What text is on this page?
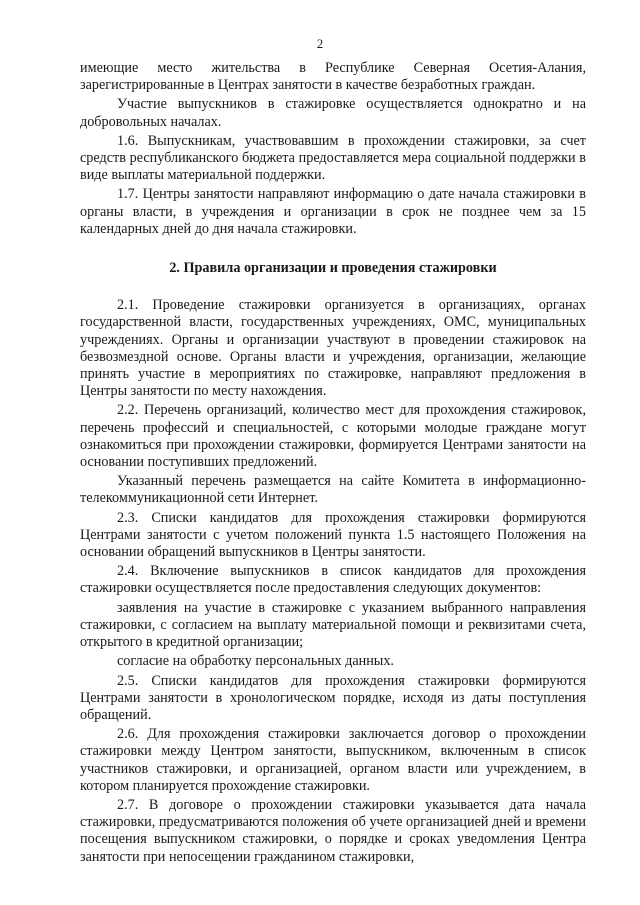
2

имеющие место жительства в Республике Северная Осетия-Алания, зарегистрированные в Центрах занятости в качестве безработных граждан.

Участие выпускников в стажировке осуществляется однократно и на добровольных началах.

1.6. Выпускникам, участвовавшим в прохождении стажировки, за счет средств республиканского бюджета предоставляется мера социальной поддержки в виде выплаты материальной поддержки.

1.7. Центры занятости направляют информацию о дате начала стажировки в органы власти, в учреждения и организации в срок не позднее чем за 15 календарных дней до дня начала стажировки.

2. Правила организации и проведения стажировки

2.1. Проведение стажировки организуется в организациях, органах государственной власти, государственных учреждениях, ОМС, муниципальных учреждениях. Органы и организации участвуют в проведении стажировок на безвозмездной основе. Органы власти и учреждения, организации, желающие принять участие в мероприятиях по стажировке, направляют предложения в Центры занятости по месту нахождения.

2.2. Перечень организаций, количество мест для прохождения стажировок, перечень профессий и специальностей, с которыми молодые граждане могут ознакомиться при прохождении стажировки, формируется Центрами занятости на основании поступивших предложений.

Указанный перечень размещается на сайте Комитета в информационно-телекоммуникационной сети Интернет.

2.3. Списки кандидатов для прохождения стажировки формируются Центрами занятости с учетом положений пункта 1.5 настоящего Положения на основании обращений выпускников в Центры занятости.

2.4. Включение выпускников в список кандидатов для прохождения стажировки осуществляется после предоставления следующих документов:

заявления на участие в стажировке с указанием выбранного направления стажировки, с согласием на выплату материальной помощи и реквизитами счета, открытого в кредитной организации;

согласие на обработку персональных данных.

2.5. Списки кандидатов для прохождения стажировки формируются Центрами занятости в хронологическом порядке, исходя из даты поступления обращений.

2.6. Для прохождения стажировки заключается договор о прохождении стажировки между Центром занятости, выпускником, включенным в список участников стажировки, и организацией, органом власти или учреждением, в котором планируется прохождение стажировки.

2.7. В договоре о прохождении стажировки указывается дата начала стажировки, предусматриваются положения об учете организацией дней и времени посещения выпускником стажировки, о порядке и сроках уведомления Центра занятости при непосещении гражданином стажировки,
